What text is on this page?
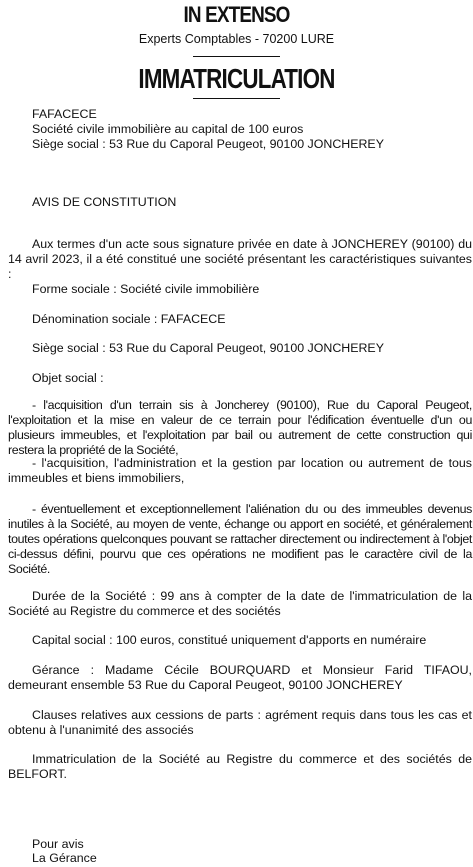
IN EXTENSO
Experts Comptables - 70200 LURE
IMMATRICULATION

FAFACECE

Société civile immobilière au capital de 100 euros

Siège social : 53 Rue du Caporal Peugeot, 90100 JONCHEREY

AVIS DE CONSTITUTION

Aux termes d'un acte sous signature privée en date à JONCHEREY (90100) du 14 avril 2023, il a été constitué une société présentant les caractéristiques suivantes :

Forme sociale : Société civile immobilière

Dénomination sociale : FAFACECE

Siège social : 53 Rue du Caporal Peugeot, 90100 JONCHEREY

Objet social :

- l'acquisition d'un terrain sis à Joncherey (90100), Rue du Caporal Peugeot, l'exploitation et la mise en valeur de ce terrain pour l'édification éventuelle d'un ou plusieurs immeubles, et l'exploitation par bail ou autrement de cette construction qui restera la propriété de la Société,

- l'acquisition, l'administration et la gestion par location ou autrement de tous immeubles et biens immobiliers,

- éventuellement et exceptionnellement l'aliénation du ou des immeubles devenus inutiles à la Société, au moyen de vente, échange ou apport en société, et généralement toutes opérations quelconques pouvant se rattacher directement ou indirectement à l'objet ci-dessus défini, pourvu que ces opérations ne modifient pas le caractère civil de la Société.

Durée de la Société : 99 ans à compter de la date de l'immatriculation de la Société au Registre du commerce et des sociétés

Capital social : 100 euros, constitué uniquement d'apports en numéraire

Gérance : Madame Cécile BOURQUARD et Monsieur Farid TIFAOU, demeurant ensemble 53 Rue du Caporal Peugeot, 90100 JONCHEREY

Clauses relatives aux cessions de parts : agrément requis dans tous les cas et obtenu à l'unanimité des associés

Immatriculation de la Société au Registre du commerce et des sociétés de BELFORT.

Pour avis

La Gérance
